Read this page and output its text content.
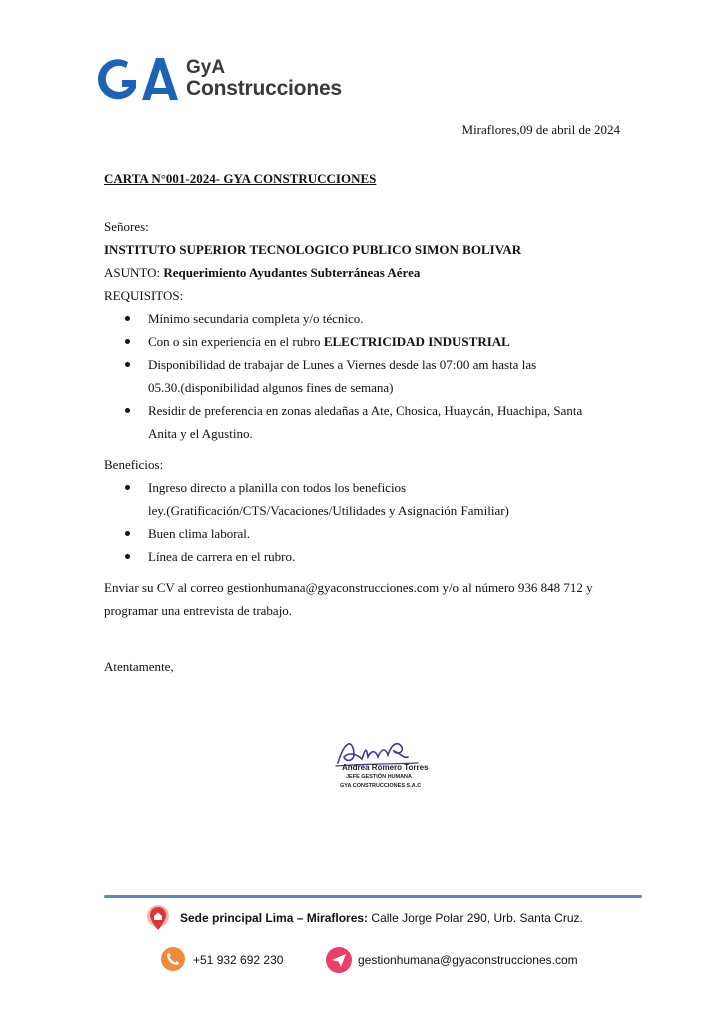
GyA
Construcciones
Miraflores,09 de abril de 2024
CARTA N°001-2024- GYA CONSTRUCCIONES

Señores:

INSTITUTO SUPERIOR TECNOLOGICO PUBLICO SIMON BOLIVAR

ASUNTO: Requerimiento Ayudantes Subterráneas Aérea

REQUISITOS:

Mínimo secundaria completa y/o técnico.
Con o sin experiencia en el rubro ELECTRICIDAD INDUSTRIAL
Disponibilidad de trabajar de Lunes a Viernes desde las 07:00 am hasta las
05.30.(disponibilidad algunos fines de semana)
Residir de preferencia en zonas aledañas a Ate, Chosica, Huaycán, Huachipa, Santa
Anita y el Agustino.

Beneficios:

Ingreso directo a planilla con todos los beneficios
ley.(Gratificación/CTS/Vacaciones/Utilidades y Asignación Familiar)
Buen clima laboral.
Línea de carrera en el rubro.

Enviar su CV al correo gestionhumana@gyaconstrucciones.com y/o al número 936 848 712 y
programar una entrevista de trabajo.

Atentamente,

Andrea Romero Torres
JEFE GESTIÓN HUMANA
GYA CONSTRUCCIONES S.A.C
Sede principal Lima – Miraflores: Calle Jorge Polar 290, Urb. Santa Cruz.
+51 932 692 230	gestionhumana@gyaconstrucciones.com
